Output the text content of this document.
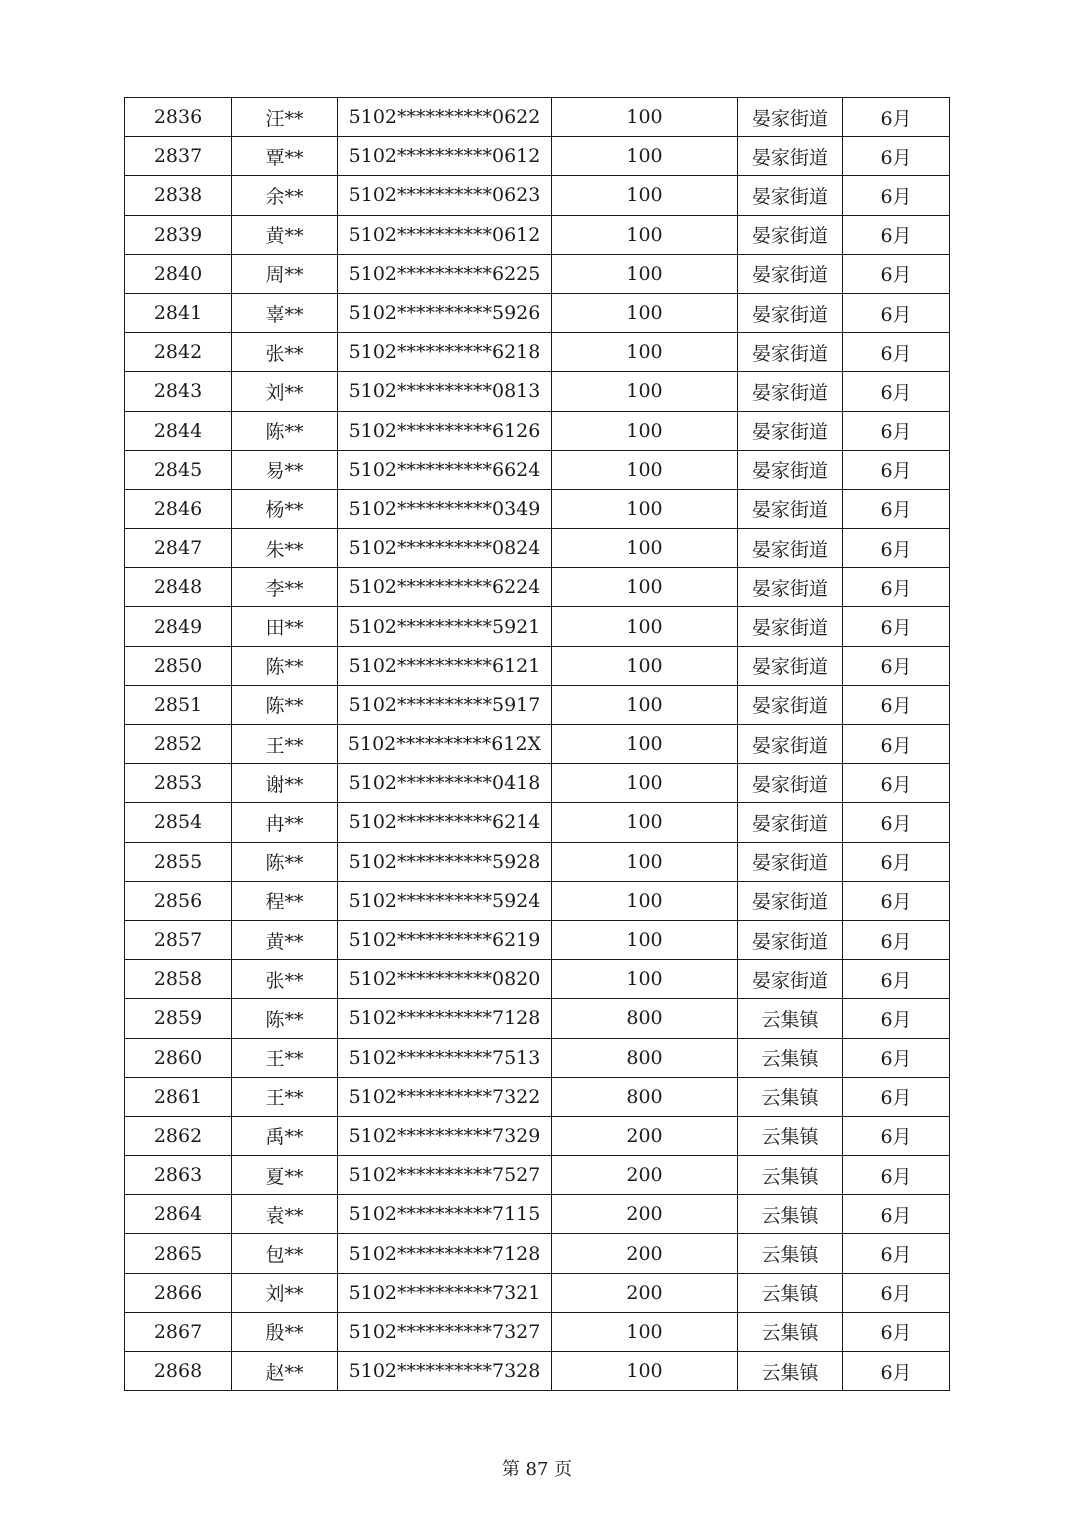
2836	汪**	5102**********0622	100	晏家街道	6月
2837	覃**	5102**********0612	100	晏家街道	6月
2838	余**	5102**********0623	100	晏家街道	6月
2839	黄**	5102**********0612	100	晏家街道	6月
2840	周**	5102**********6225	100	晏家街道	6月
2841	辜**	5102**********5926	100	晏家街道	6月
2842	张**	5102**********6218	100	晏家街道	6月
2843	刘**	5102**********0813	100	晏家街道	6月
2844	陈**	5102**********6126	100	晏家街道	6月
2845	易**	5102**********6624	100	晏家街道	6月
2846	杨**	5102**********0349	100	晏家街道	6月
2847	朱**	5102**********0824	100	晏家街道	6月
2848	李**	5102**********6224	100	晏家街道	6月
2849	田**	5102**********5921	100	晏家街道	6月
2850	陈**	5102**********6121	100	晏家街道	6月
2851	陈**	5102**********5917	100	晏家街道	6月
2852	王**	5102**********612X	100	晏家街道	6月
2853	谢**	5102**********0418	100	晏家街道	6月
2854	冉**	5102**********6214	100	晏家街道	6月
2855	陈**	5102**********5928	100	晏家街道	6月
2856	程**	5102**********5924	100	晏家街道	6月
2857	黄**	5102**********6219	100	晏家街道	6月
2858	张**	5102**********0820	100	晏家街道	6月
2859	陈**	5102**********7128	800	云集镇	6月
2860	王**	5102**********7513	800	云集镇	6月
2861	王**	5102**********7322	800	云集镇	6月
2862	禹**	5102**********7329	200	云集镇	6月
2863	夏**	5102**********7527	200	云集镇	6月
2864	袁**	5102**********7115	200	云集镇	6月
2865	包**	5102**********7128	200	云集镇	6月
2866	刘**	5102**********7321	200	云集镇	6月
2867	殷**	5102**********7327	100	云集镇	6月
2868	赵**	5102**********7328	100	云集镇	6月
第 87 页
